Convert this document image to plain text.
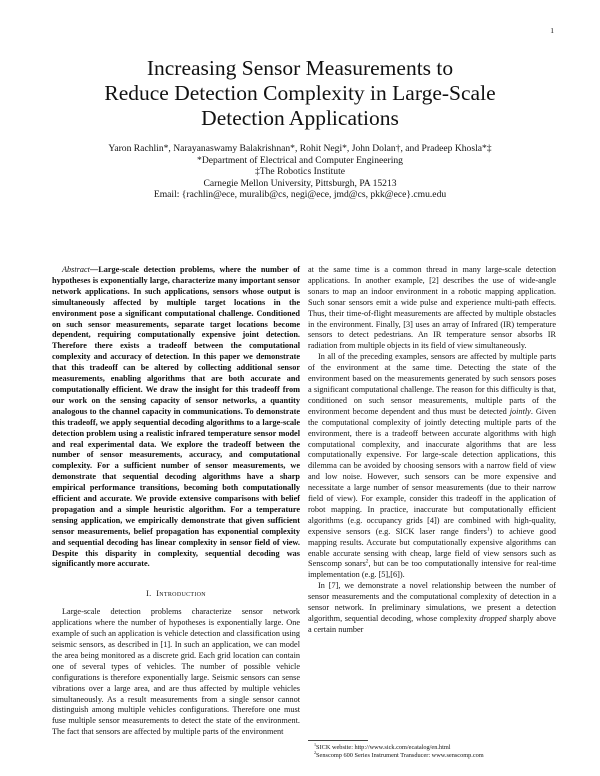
1
Increasing Sensor Measurements to
Reduce Detection Complexity in Large-Scale
Detection Applications
Yaron Rachlin*, Narayanaswamy Balakrishnan*, Rohit Negi*, John Dolan†, and Pradeep Khosla*‡
*Department of Electrical and Computer Engineering
‡The Robotics Institute
Carnegie Mellon University, Pittsburgh, PA 15213
Email: {rachlin@ece, muralib@cs, negi@ece, jmd@cs, pkk@ece}.cmu.edu

Abstract—Large-scale detection problems, where the number of hypotheses is exponentially large, characterize many important sensor network applications. In such applications, sensors whose output is simultaneously affected by multiple target locations in the environment pose a significant computational challenge. Conditioned on such sensor measurements, separate target locations become dependent, requiring computationally expensive joint detection. Therefore there exists a tradeoff between the computational complexity and accuracy of detection. In this paper we demonstrate that this tradeoff can be altered by collecting additional sensor measurements, enabling algorithms that are both accurate and computationally efficient. We draw the insight for this tradeoff from our work on the sensing capacity of sensor networks, a quantity analogous to the channel capacity in communications. To demonstrate this tradeoff, we apply sequential decoding algorithms to a large-scale detection problem using a realistic infrared temperature sensor model and real experimental data. We explore the tradeoff between the number of sensor measurements, accuracy, and computational complexity. For a sufficient number of sensor measurements, we demonstrate that sequential decoding algorithms have a sharp empirical performance transitions, becoming both computationally efficient and accurate. We provide extensive comparisons with belief propagation and a simple heuristic algorithm. For a temperature sensing application, we empirically demonstrate that given sufficient sensor measurements, belief propagation has exponential complexity and sequential decoding has linear complexity in sensor field of view. Despite this disparity in complexity, sequential decoding was significantly more accurate.

I. Introduction

Large-scale detection problems characterize sensor network applications where the number of hypotheses is exponentially large. One example of such an application is vehicle detection and classification using seismic sensors, as described in [1]. In such an application, we can model the area being monitored as a discrete grid. Each grid location can contain one of several types of vehicles. The number of possible vehicle configurations is therefore exponentially large. Seismic sensors can sense vibrations over a large area, and are thus affected by multiple vehicles simultaneously. As a result measurements from a single sensor cannot distinguish among multiple vehicles configurations. Therefore one must fuse multiple sensor measurements to detect the state of the environment. The fact that sensors are affected by multiple parts of the environment

at the same time is a common thread in many large-scale detection applications. In another example, [2] describes the use of wide-angle sonars to map an indoor environment in a robotic mapping application. Such sonar sensors emit a wide pulse and experience multi-path effects. Thus, their time-of-flight measurements are affected by multiple obstacles in the environment. Finally, [3] uses an array of Infrared (IR) temperature sensors to detect pedestrians. An IR temperature sensor absorbs IR radiation from multiple objects in its field of view simultaneously.

In all of the preceding examples, sensors are affected by multiple parts of the environment at the same time. Detecting the state of the environment based on the measurements generated by such sensors poses a significant computational challenge. The reason for this difficulty is that, conditioned on such sensor measurements, multiple parts of the environment become dependent and thus must be detected jointly. Given the computational complexity of jointly detecting multiple parts of the environment, there is a tradeoff between accurate algorithms with high computational complexity, and inaccurate algorithms that are less computationally expensive. For large-scale detection applications, this dilemma can be avoided by choosing sensors with a narrow field of view and low noise. However, such sensors can be more expensive and necessitate a large number of sensor measurements (due to their narrow field of view). For example, consider this tradeoff in the application of robot mapping. In practice, inaccurate but computationally efficient algorithms (e.g. occupancy grids [4]) are combined with high-quality, expensive sensors (e.g. SICK laser range finders$^1$) to achieve good mapping results. Accurate but computationally expensive algorithms can enable accurate sensing with cheap, large field of view sensors such as Senscomp sonars$^2$, but can be too computationally intensive for real-time implementation (e.g. [5],[6]).

In [7], we demonstrate a novel relationship between the number of sensor measurements and the computational complexity of detection in a sensor network. In preliminary simulations, we present a detection algorithm, sequential decoding, whose complexity dropped sharply above a certain number

$^1$SICK website: http://www.sick.com/ecatalog/en.html
$^2$Senscomp 600 Series Instrument Transducer: www.senscomp.com
